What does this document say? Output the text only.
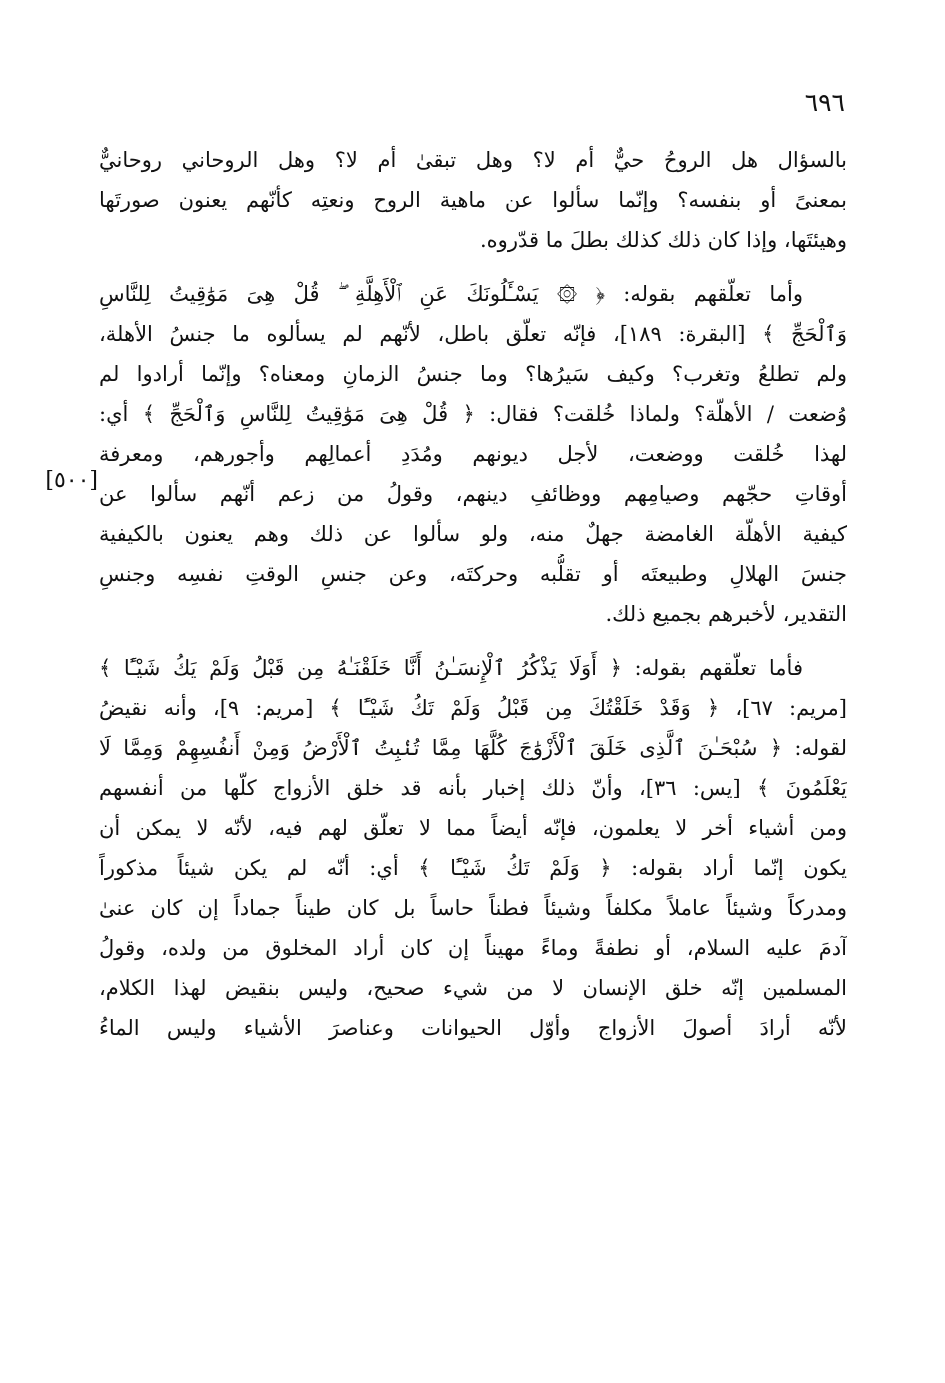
٦٩٦
[٥٠٠]
بالسؤال هل الروحُ حيٌّ أم لا؟ وهل تبقىٰ أم لا؟ وهل الروحاني روحانيٌّ
بمعنىً أو بنفسه؟ وإنّما سألوا عن ماهية الروح ونعتِه كأنّهم يعنون صورتَها
وهيئتَها، وإذا كان ذلك كذلك بطلَ ما قدّروه.
وأما تعلّقهم بقوله: ﴿ ۞ يَسْـَٔلُونَكَ عَنِ ٱلْأَهِلَّةِ ۖ قُلْ هِىَ مَوَٰقِيتُ لِلنَّاسِ
وَٱلْحَجِّ ﴾ [البقرة: ١٨٩]، فإنّه تعلّق باطل، لأنّهم لم يسألوه ما جنسُ الأهلة،
ولم تطلعُ وتغرب؟ وكيف سَيرُها؟ وما جنسُ الزمانِ ومعناه؟ وإنّما أرادوا لم
وُضعت / الأهلّة؟ ولماذا خُلقت؟ فقال: ﴿ قُلْ هِىَ مَوَٰقِيتُ لِلنَّاسِ وَٱلْحَجِّ ﴾ أي:
لهذا خُلقت ووضعت، لأجل ديونهم ومُدَدِ أعمالِهم وأجورهم، ومعرفة
أوقاتِ حجّهم وصيامِهم ووظائفِ دينهم، وقولُ من زعم أنّهم سألوا عن
كيفية الأهلّة الغامضة جهلٌ منه، ولو سألوا عن ذلك وهم يعنون بالكيفية
جنسَ الهلالِ وطبيعتَه أو تقلُّبه وحركتَه، وعن جنسِ الوقتِ نفسِه وجنسِ
التقدير، لأخبرهم بجميع ذلك.
فأما تعلّقهم بقوله: ﴿ أَوَلَا يَذْكُرُ ٱلْإِنسَـٰنُ أَنَّا خَلَقْنَـٰهُ مِن قَبْلُ وَلَمْ يَكُ شَيْـًٔا ﴾
[مريم: ٦٧]، ﴿ وَقَدْ خَلَقْتُكَ مِن قَبْلُ وَلَمْ تَكُ شَيْـًٔا ﴾ [مريم: ٩]، وأنه نقيضُ
لقوله: ﴿ سُبْحَـٰنَ ٱلَّذِى خَلَقَ ٱلْأَزْوَٰجَ كُلَّهَا مِمَّا تُنۢبِتُ ٱلْأَرْضُ وَمِنْ أَنفُسِهِمْ وَمِمَّا لَا
يَعْلَمُونَ ﴾ [يس: ٣٦]، وأنّ ذلك إخبار بأنه قد خلق الأزواج كلّها من أنفسهم
ومن أشياء أخر لا يعلمون، فإنّه أيضاً مما لا تعلّق لهم فيه، لأنّه لا يمكن أن
يكون إنّما أراد بقوله: ﴿ وَلَمْ تَكُ شَيْـًٔا ﴾ أي: أنّه لم يكن شيئاً مذكوراً
ومدركاً وشيئاً عاملاً مكلفاً وشيئاً فطناً حاساً بل كان طيناً جماداً إن كان عنىٰ
آدمَ عليه السلام، أو نطفةً وماءً مهيناً إن كان أراد المخلوق من ولده، وقولُ
المسلمين إنّه خلق الإنسان لا من شيء صحيح، وليس بنقيض لهذا الكلام،
لأنّه أرادَ أصولَ الأزواج وأوّل الحيوانات وعناصرَ الأشياء وليس الماءُ
